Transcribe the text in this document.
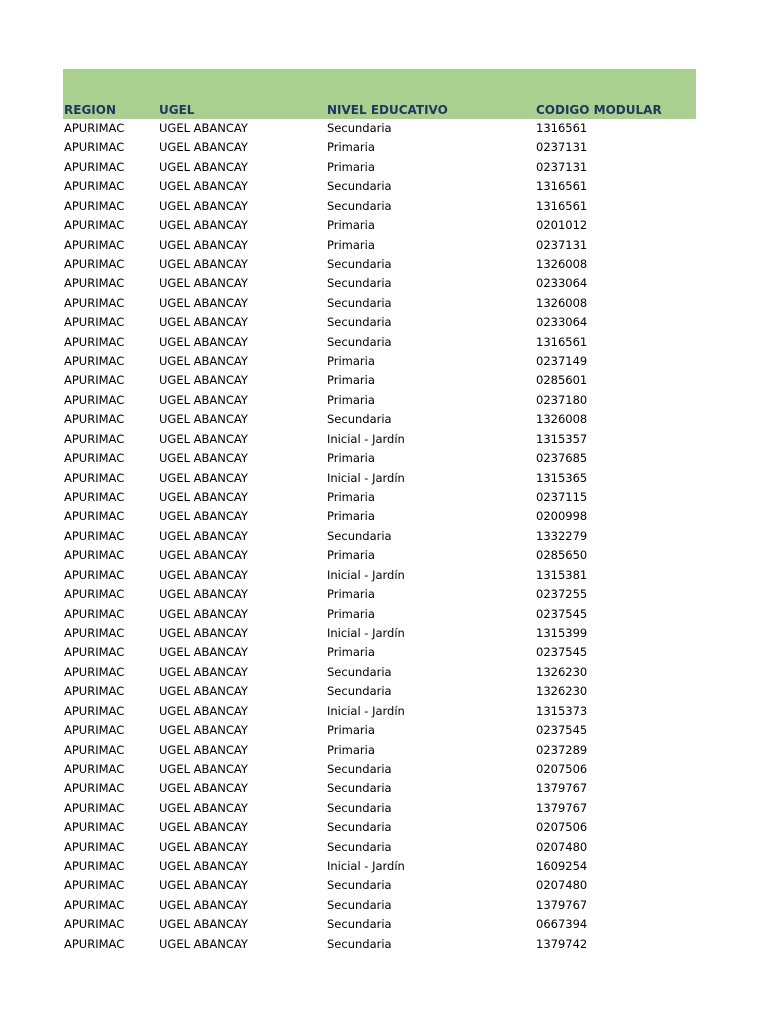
REGION	UGEL	NIVEL EDUCATIVO	CODIGO MODULAR
APURIMAC	UGEL ABANCAY	Secundaria	1316561
APURIMAC	UGEL ABANCAY	Primaria	0237131
APURIMAC	UGEL ABANCAY	Primaria	0237131
APURIMAC	UGEL ABANCAY	Secundaria	1316561
APURIMAC	UGEL ABANCAY	Secundaria	1316561
APURIMAC	UGEL ABANCAY	Primaria	0201012
APURIMAC	UGEL ABANCAY	Primaria	0237131
APURIMAC	UGEL ABANCAY	Secundaria	1326008
APURIMAC	UGEL ABANCAY	Secundaria	0233064
APURIMAC	UGEL ABANCAY	Secundaria	1326008
APURIMAC	UGEL ABANCAY	Secundaria	0233064
APURIMAC	UGEL ABANCAY	Secundaria	1316561
APURIMAC	UGEL ABANCAY	Primaria	0237149
APURIMAC	UGEL ABANCAY	Primaria	0285601
APURIMAC	UGEL ABANCAY	Primaria	0237180
APURIMAC	UGEL ABANCAY	Secundaria	1326008
APURIMAC	UGEL ABANCAY	Inicial - Jardín	1315357
APURIMAC	UGEL ABANCAY	Primaria	0237685
APURIMAC	UGEL ABANCAY	Inicial - Jardín	1315365
APURIMAC	UGEL ABANCAY	Primaria	0237115
APURIMAC	UGEL ABANCAY	Primaria	0200998
APURIMAC	UGEL ABANCAY	Secundaria	1332279
APURIMAC	UGEL ABANCAY	Primaria	0285650
APURIMAC	UGEL ABANCAY	Inicial - Jardín	1315381
APURIMAC	UGEL ABANCAY	Primaria	0237255
APURIMAC	UGEL ABANCAY	Primaria	0237545
APURIMAC	UGEL ABANCAY	Inicial - Jardín	1315399
APURIMAC	UGEL ABANCAY	Primaria	0237545
APURIMAC	UGEL ABANCAY	Secundaria	1326230
APURIMAC	UGEL ABANCAY	Secundaria	1326230
APURIMAC	UGEL ABANCAY	Inicial - Jardín	1315373
APURIMAC	UGEL ABANCAY	Primaria	0237545
APURIMAC	UGEL ABANCAY	Primaria	0237289
APURIMAC	UGEL ABANCAY	Secundaria	0207506
APURIMAC	UGEL ABANCAY	Secundaria	1379767
APURIMAC	UGEL ABANCAY	Secundaria	1379767
APURIMAC	UGEL ABANCAY	Secundaria	0207506
APURIMAC	UGEL ABANCAY	Secundaria	0207480
APURIMAC	UGEL ABANCAY	Inicial - Jardín	1609254
APURIMAC	UGEL ABANCAY	Secundaria	0207480
APURIMAC	UGEL ABANCAY	Secundaria	1379767
APURIMAC	UGEL ABANCAY	Secundaria	0667394
APURIMAC	UGEL ABANCAY	Secundaria	1379742
